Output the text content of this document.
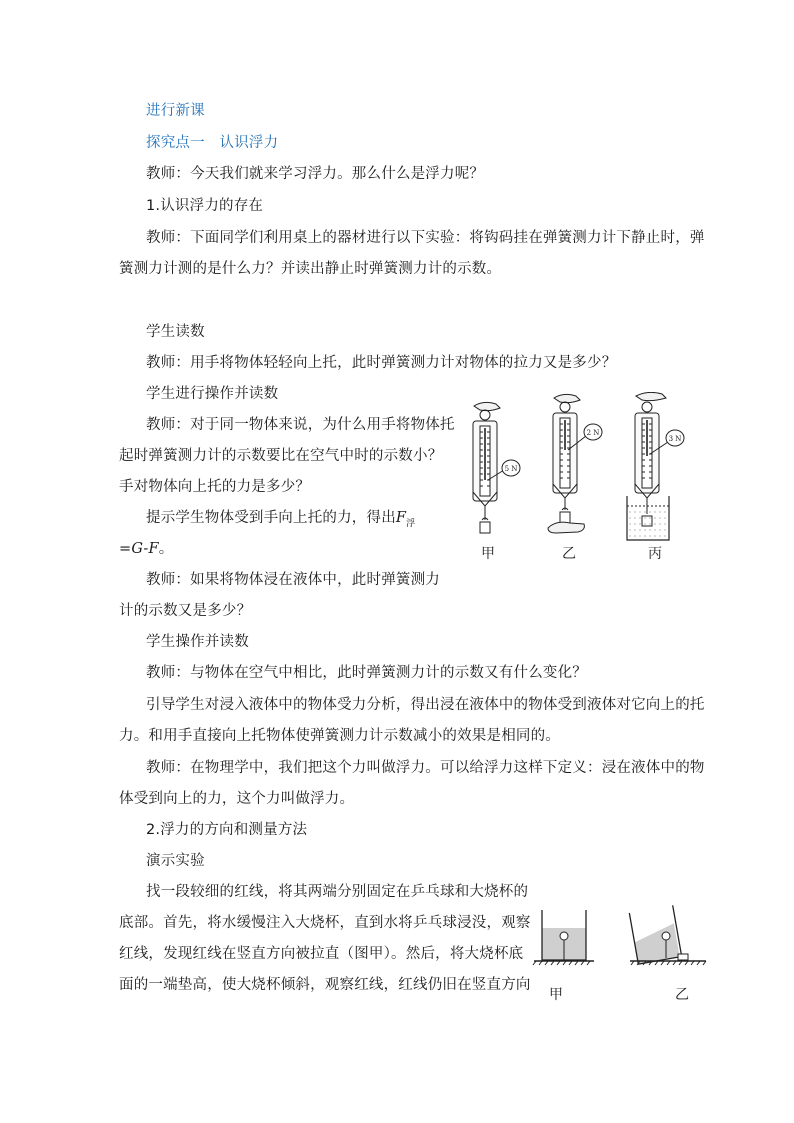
进行新课
探究点一　认识浮力
教师：今天我们就来学习浮力。那么什么是浮力呢？
1.认识浮力的存在
教师：下面同学们利用桌上的器材进行以下实验：将钩码挂在弹簧测力计下静止时，弹
簧测力计测的是什么力？并读出静止时弹簧测力计的示数。
学生读数
教师：用手将物体轻轻向上托，此时弹簧测力计对物体的拉力又是多少？
学生进行操作并读数
教师：对于同一物体来说，为什么用手将物体托
起时弹簧测力计的示数要比在空气中时的示数小？
手对物体向上托的力是多少？
提示学生物体受到手向上托的力，得出$F_浮$
=G-F。
教师：如果将物体浸在液体中，此时弹簧测力
计的示数又是多少？
学生操作并读数
教师：与物体在空气中相比，此时弹簧测力计的示数又有什么变化？
引导学生对浸入液体中的物体受力分析，得出浸在液体中的物体受到液体对它向上的托
力。和用手直接向上托物体使弹簧测力计示数减小的效果是相同的。
教师：在物理学中，我们把这个力叫做浮力。可以给浮力这样下定义：浸在液体中的物
体受到向上的力，这个力叫做浮力。
2.浮力的方向和测量方法
演示实验
找一段较细的红线，将其两端分别固定在乒乓球和大烧杯的
底部。首先，将水缓慢注入大烧杯，直到水将乒乓球浸没，观察
红线，发现红线在竖直方向被拉直（图甲）。然后，将大烧杯底
面的一端垫高，使大烧杯倾斜，观察红线，红线仍旧在竖直方向
5 N
2 N
3 N
甲	乙	丙
甲	乙
